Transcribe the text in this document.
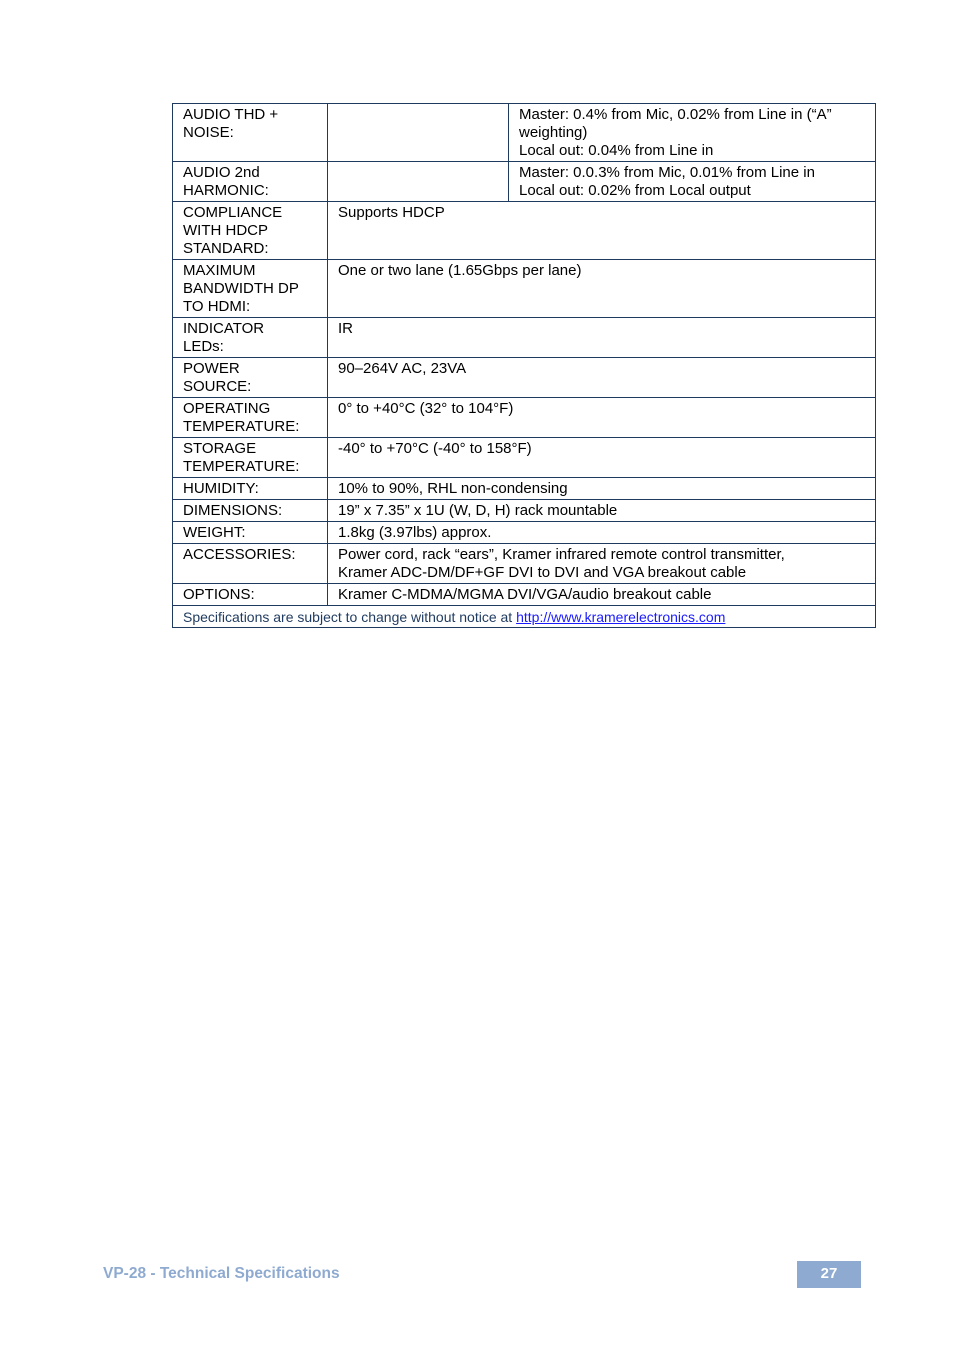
AUDIO THD +
NOISE:		Master: 0.4% from Mic, 0.02% from Line in (“A” weighting)
Local out: 0.04% from Line in
AUDIO 2nd
HARMONIC:		Master: 0.0.3% from Mic, 0.01% from Line in
Local out: 0.02% from Local output
COMPLIANCE
WITH HDCP
STANDARD:	Supports HDCP	
MAXIMUM
BANDWIDTH DP
TO HDMI:	One or two lane (1.65Gbps per lane)	
INDICATOR
LEDs:	IR	
POWER
SOURCE:	90–264V AC, 23VA	
OPERATING
TEMPERATURE:	0° to +40°C (32° to 104°F)	
STORAGE
TEMPERATURE:	-40° to +70°C (-40° to 158°F)	
HUMIDITY:	10% to 90%, RHL non-condensing	
DIMENSIONS:	19” x 7.35” x 1U (W, D, H) rack mountable	
WEIGHT:	1.8kg (3.97lbs) approx.	
ACCESSORIES:	Power cord, rack “ears”, Kramer infrared remote control transmitter,
Kramer ADC-DM/DF+GF DVI to DVI and VGA breakout cable	
OPTIONS:	Kramer C-MDMA/MGMA DVI/VGA/audio breakout cable	
Specifications are subject to change without notice at http://www.kramerelectronics.com		
VP-28 - Technical Specifications	27
